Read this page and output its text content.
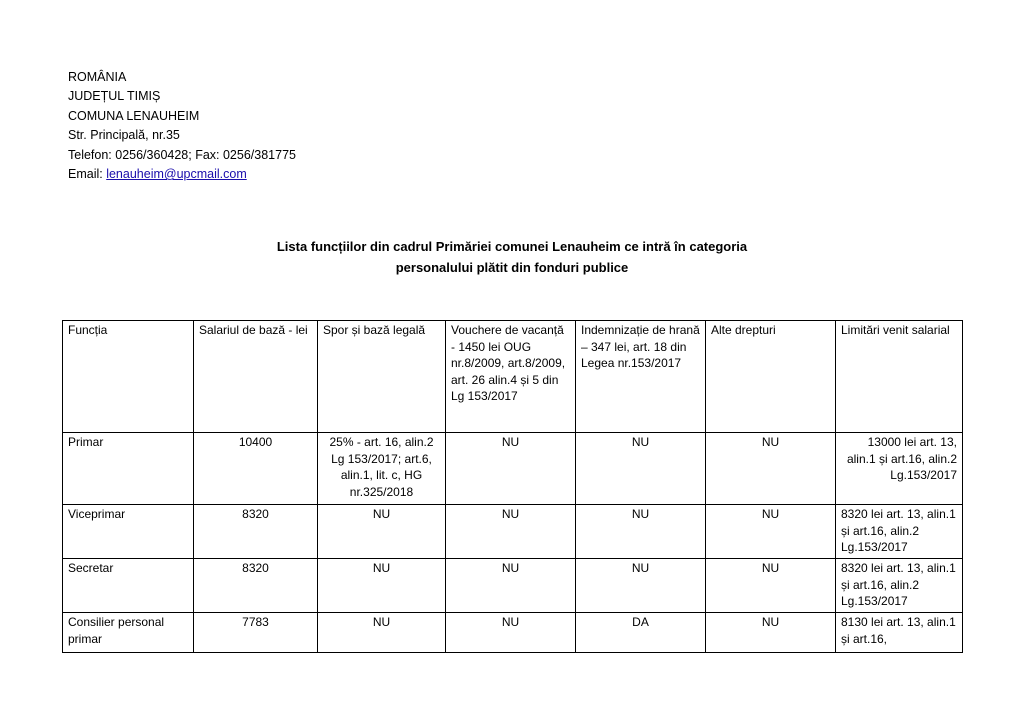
ROMÂNIA
JUDEȚUL TIMIȘ
COMUNA LENAUHEIM
Str. Principală, nr.35
Telefon: 0256/360428; Fax: 0256/381775
Email: lenauheim@upcmail.com
Lista funcțiilor din cadrul Primăriei comunei Lenauheim ce intră în categoria
personalului plătit din fonduri publice
Funcția	Salariul de bază - lei	Spor și bază legală	Vouchere de vacanță - 1450 lei OUG nr.8/2009, art.8/2009, art. 26 alin.4 și 5 din Lg 153/2017	Indemnizație de hrană – 347 lei, art. 18 din Legea nr.153/2017	Alte drepturi	Limitări venit salarial
Primar	10400	25% - art. 16, alin.2 Lg 153/2017; art.6, alin.1, lit. c, HG nr.325/2018	NU	NU	NU	13000 lei art. 13, alin.1 și art.16, alin.2 Lg.153/2017
Viceprimar	8320	NU	NU	NU	NU	8320 lei art. 13, alin.1 și art.16, alin.2 Lg.153/2017
Secretar	8320	NU	NU	NU	NU	8320 lei art. 13, alin.1 și art.16, alin.2 Lg.153/2017
Consilier personal primar	7783	NU	NU	DA	NU	8130 lei art. 13, alin.1 și art.16,
